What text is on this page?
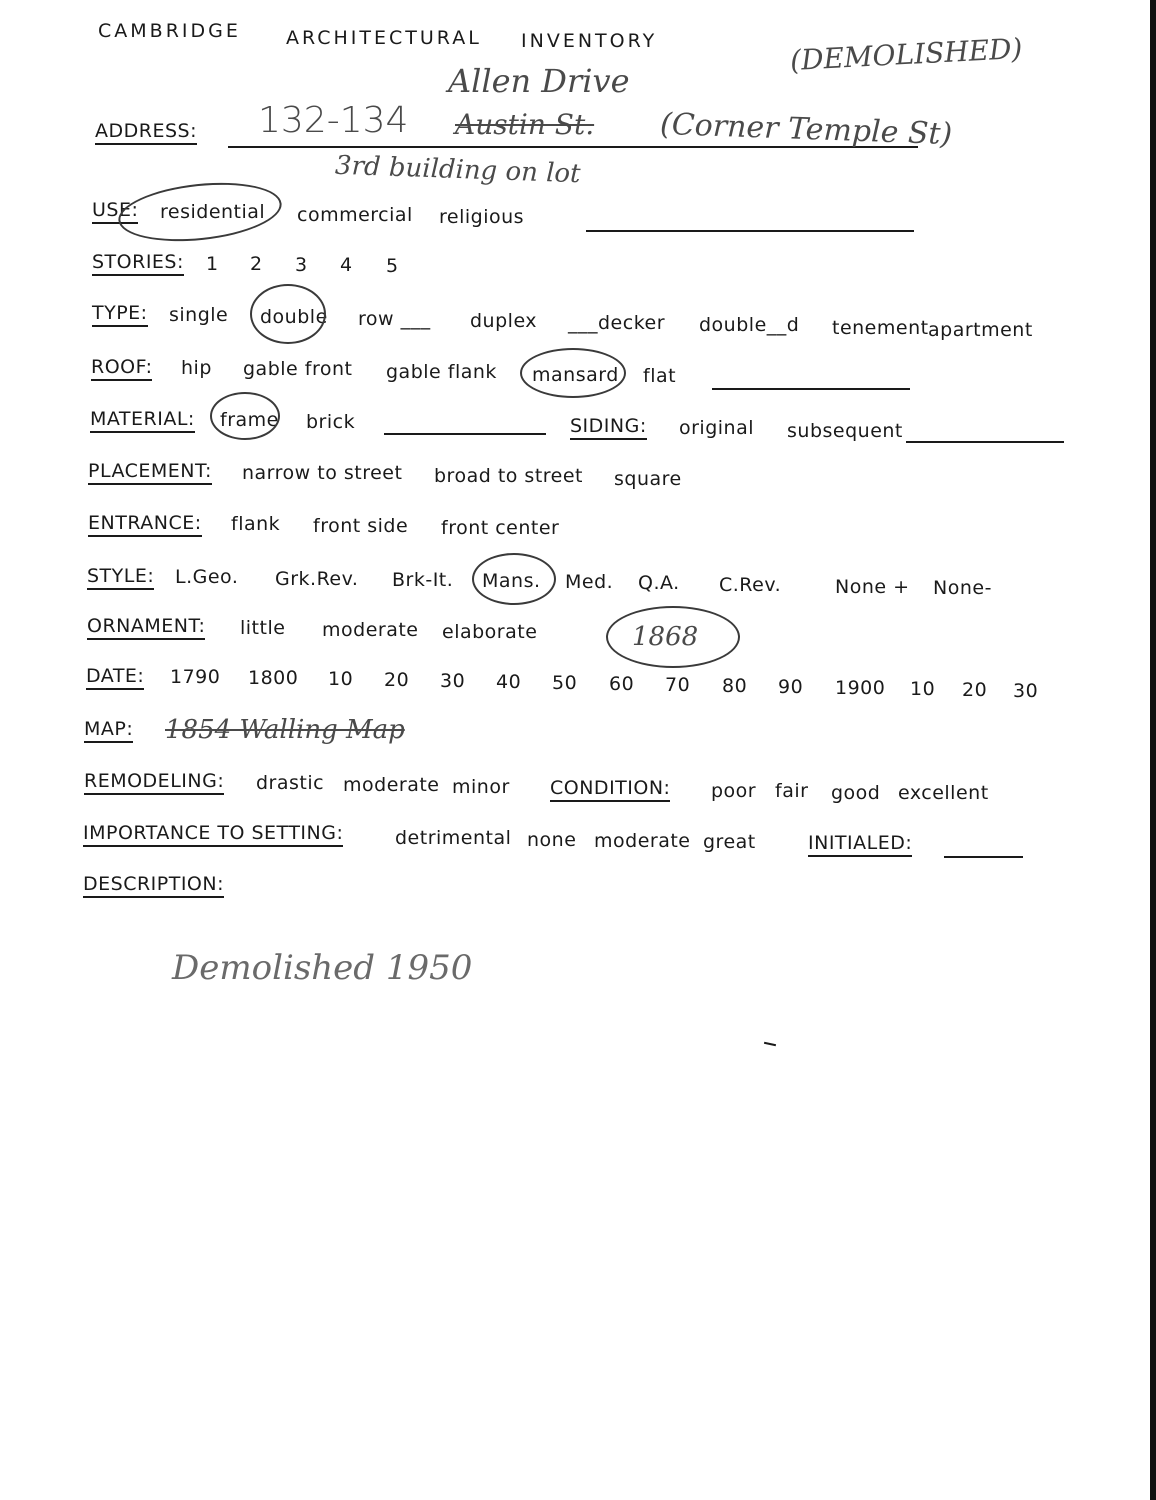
CAMBRIDGE ARCHITECTURAL INVENTORY	(DEMOLISHED)
ADDRESS:
Allen Drive
132-134 Austin St. (Corner Temple St)
3rd building on lot
USE: residential commercial religious
STORIES: 1 2 3 4 5
TYPE: single double row ___ duplex ___decker double__d tenement apartment
ROOF: hip gable front gable flank mansard flat
MATERIAL: frame brick	SIDING: original subsequent
PLACEMENT: narrow to street broad to street square
ENTRANCE: flank front side front center
STYLE: L.Geo. Grk.Rev. Brk-It. Mans. Med. Q.A. C.Rev.	None + None-
ORNAMENT: little moderate elaborate	1868
DATE: 1790 1800 10 20 30 40 50 60 70 80 90 1900 10 20 30
MAP: 1854 Walling Map
REMODELING: drastic moderate minor CONDITION: poor fair good excellent
IMPORTANCE TO SETTING:	detrimental none moderate great	INITIALED:
DESCRIPTION:
Demolished 1950
